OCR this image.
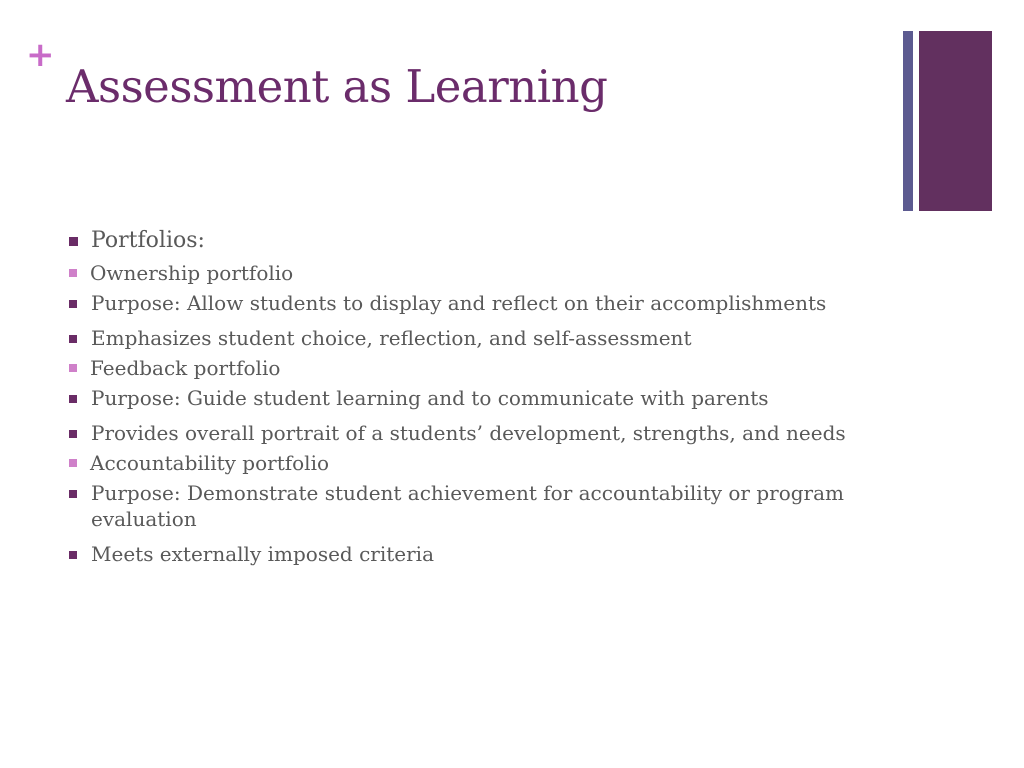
+
Assessment as Learning
Portfolios:
Ownership portfolio
Purpose: Allow students to display and reflect on their accomplishments
Emphasizes student choice, reflection, and self-assessment
Feedback portfolio
Purpose: Guide student learning and to communicate with parents
Provides overall portrait of a students’ development, strengths, and needs
Accountability portfolio
Purpose: Demonstrate student achievement for accountability or program evaluation
Meets externally imposed criteria
